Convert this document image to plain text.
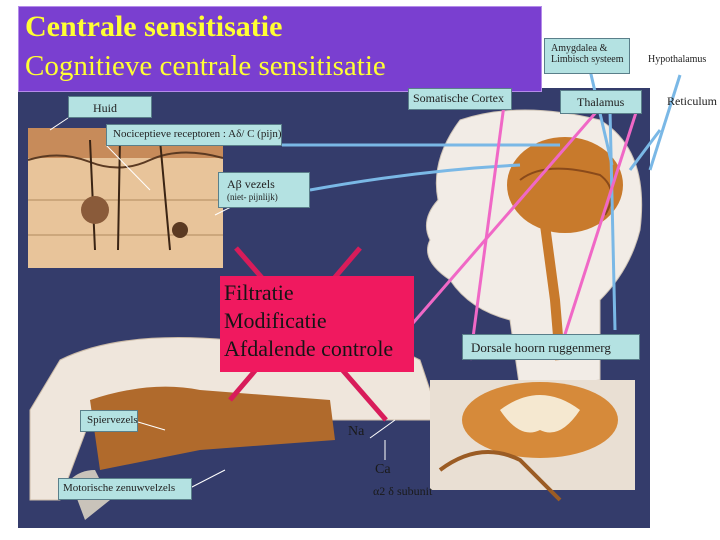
Centrale sensitisatie
Cognitieve centrale sensitisatie
Huid
Nociceptieve receptoren : Aδ/ C (pijn)
Aβ vezels
(niet- pijnlijk)
Somatische Cortex
Amygdalea &
Limbisch systeem
Thalamus
Hypothalamus
Reticulum
Dorsale hoorn ruggenmerg
Spiervezels
Motorische zenuwvelzels
Filtratie
Modificatie
Afdalende controle
Na
Ca
α2 δ subunit
